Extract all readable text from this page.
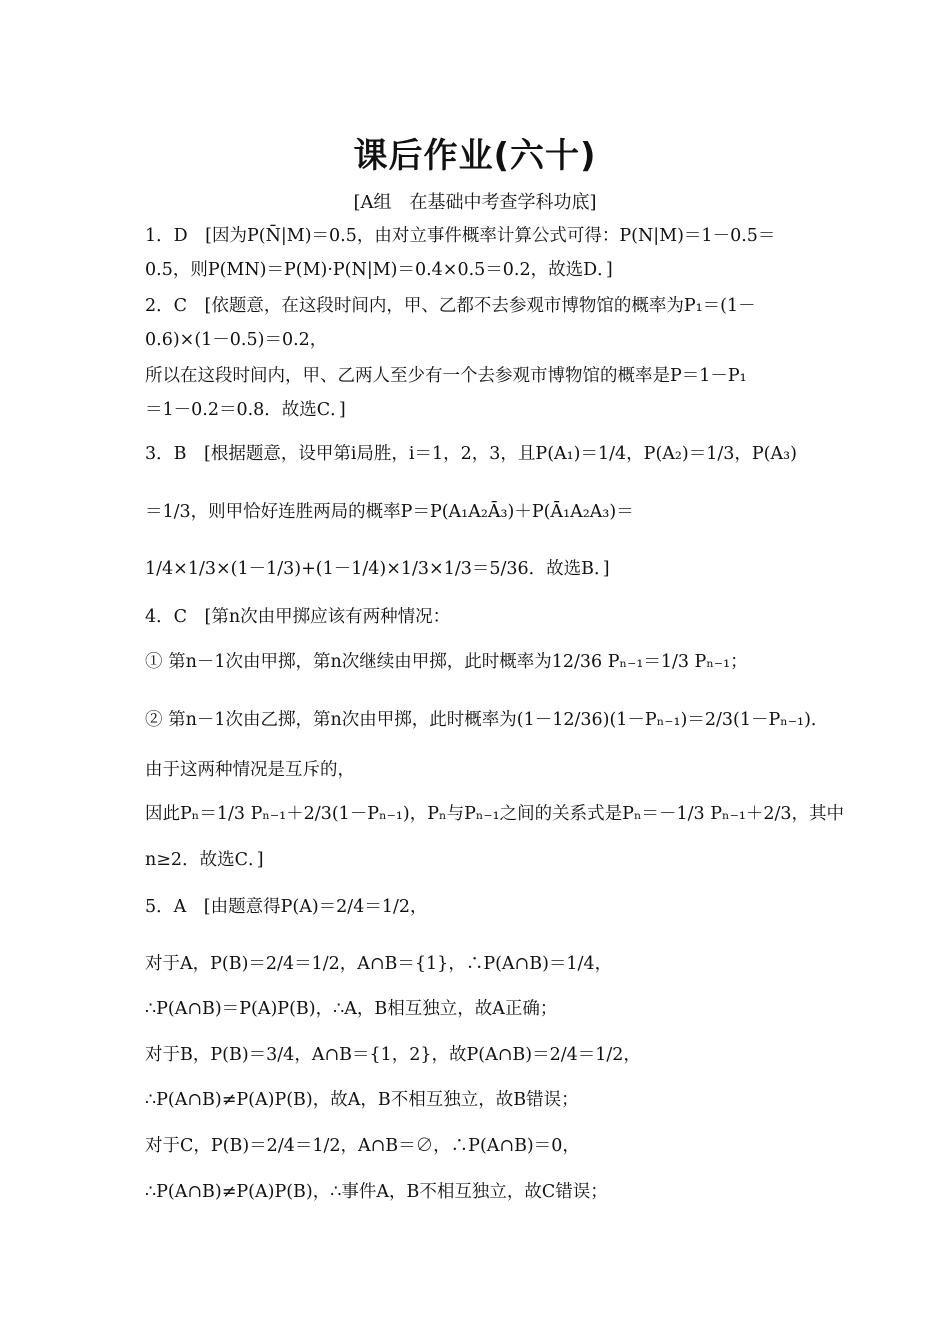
课后作业(六十)
[A组　在基础中考查学科功底]
1．D　[因为P(N̄|M)＝0.5，由对立事件概率计算公式可得：P(N|M)＝1－0.5＝
0.5，则P(MN)＝P(M)·P(N|M)＝0.4×0.5＝0.2，故选D．]
2．C　[依题意，在这段时间内，甲、乙都不去参观市博物馆的概率为P₁＝(1－
0.6)×(1－0.5)＝0.2，
所以在这段时间内，甲、乙两人至少有一个去参观市博物馆的概率是P＝1－P₁
＝1－0.2＝0.8．故选C．]
3．B　[根据题意，设甲第i局胜，i＝1，2，3，且P(A₁)＝1/4，P(A₂)＝1/3，P(A₃)
＝1/3，则甲恰好连胜两局的概率P＝P(A₁A₂Ā₃)＋P(Ā₁A₂A₃)＝
1/4×1/3×(1－1/3)+(1－1/4)×1/3×1/3＝5/36．故选B．]
4．C　[第n次由甲掷应该有两种情况：
① 第n－1次由甲掷，第n次继续由甲掷，此时概率为12/36 Pₙ₋₁＝1/3 Pₙ₋₁；
② 第n－1次由乙掷，第n次由甲掷，此时概率为(1－12/36)(1－Pₙ₋₁)＝2/3(1－Pₙ₋₁)．
由于这两种情况是互斥的，
因此Pₙ＝1/3 Pₙ₋₁＋2/3(1－Pₙ₋₁)，Pₙ与Pₙ₋₁之间的关系式是Pₙ＝－1/3 Pₙ₋₁＋2/3，其中
n≥2．故选C．]
5．A　[由题意得P(A)＝2/4＝1/2，
对于A，P(B)＝2/4＝1/2，A∩B＝{1}，∴P(A∩B)＝1/4，
∴P(A∩B)＝P(A)P(B)，∴A，B相互独立，故A正确；
对于B，P(B)＝3/4，A∩B＝{1，2}，故P(A∩B)＝2/4＝1/2，
∴P(A∩B)≠P(A)P(B)，故A，B不相互独立，故B错误；
对于C，P(B)＝2/4＝1/2，A∩B＝∅，∴P(A∩B)＝0，
∴P(A∩B)≠P(A)P(B)，∴事件A，B不相互独立，故C错误；
